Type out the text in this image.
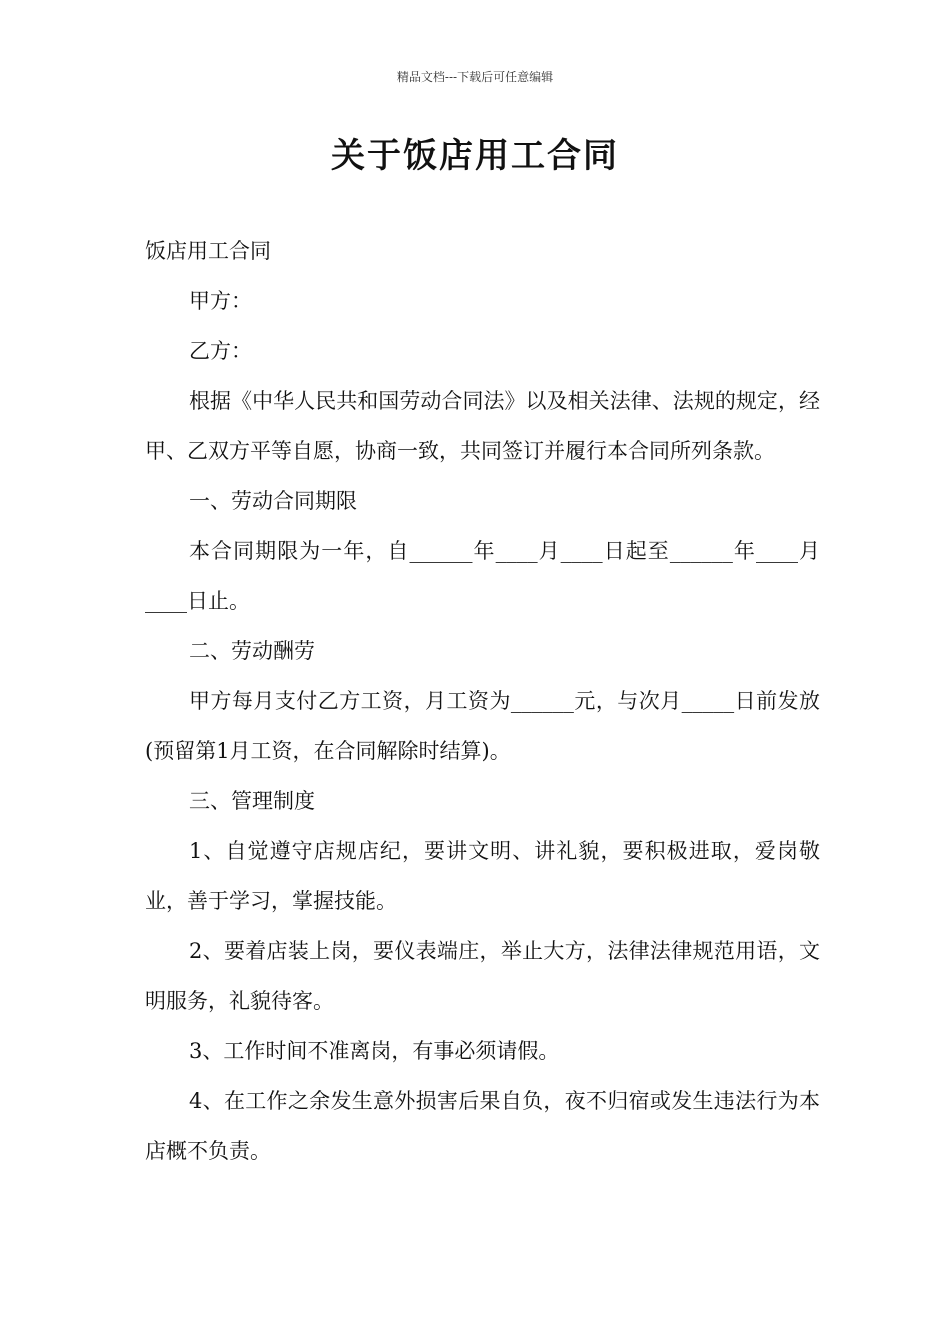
精品文档---下载后可任意编辑
关于饭店用工合同

饭店用工合同

甲方：

乙方：

根据《中华人民共和国劳动合同法》以及相关法律、法规的规定，经甲、乙双方平等自愿，协商一致，共同签订并履行本合同所列条款。

一、劳动合同期限

本合同期限为一年，自______年____月____日起至______年____月____日止。

二、劳动酬劳

甲方每月支付乙方工资，月工资为______元，与次月_____日前发放(预留第1月工资，在合同解除时结算)。

三、管理制度

1、自觉遵守店规店纪，要讲文明、讲礼貌，要积极进取，爱岗敬业，善于学习，掌握技能。

2、要着店装上岗，要仪表端庄，举止大方，法律法律规范用语，文明服务，礼貌待客。

3、工作时间不准离岗，有事必须请假。

4、在工作之余发生意外损害后果自负，夜不归宿或发生违法行为本店概不负责。
